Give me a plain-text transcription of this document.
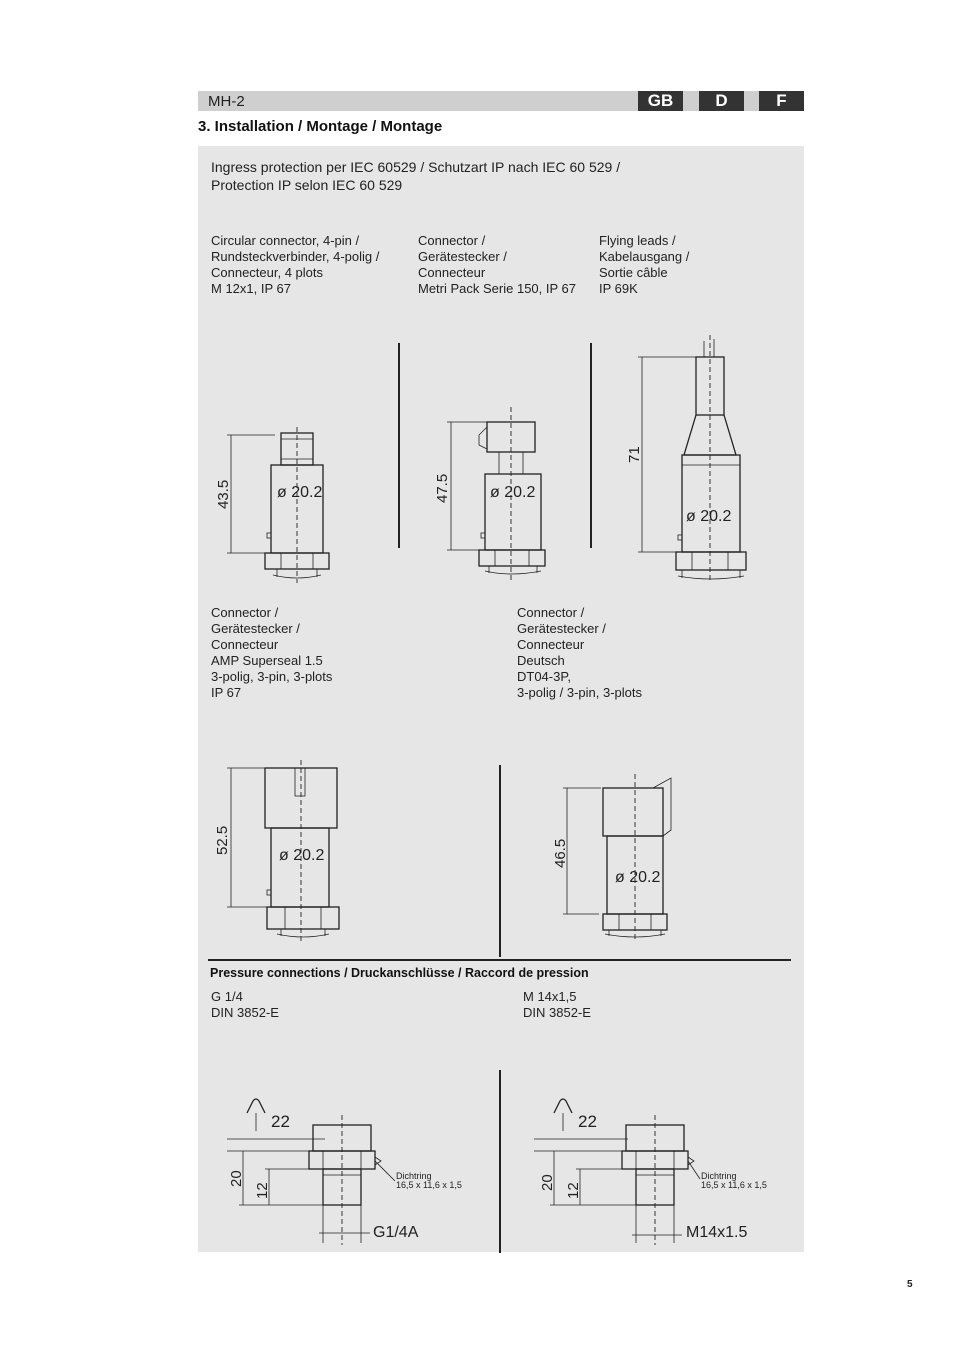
MH-2	GB	D	F
3. Installation / Montage / Montage
Ingress protection per IEC 60529 / Schutzart IP nach IEC 60 529 /
Protection IP selon IEC 60 529
Circular connector, 4-pin /
Rundsteckverbinder, 4-polig /
Connecteur, 4 plots
M 12x1, IP 67
Connector /
Gerätestecker /
Connecteur
Metri Pack Serie 150, IP 67
Flying leads /
Kabelausgang /
Sortie câble
IP 69K
ø 20.2
43.5	ø 20.2
47.5
ø 20.2
71
Connector /
Gerätestecker /
Connecteur
AMP Superseal 1.5
3-polig, 3-pin, 3-plots
IP 67
Connector /
Gerätestecker /
Connecteur
Deutsch
DT04-3P,
3-polig / 3-pin, 3-plots
ø 20.2
52.5
ø 20.2
46.5
Pressure connections / Druckanschlüsse / Raccord de pression
G 1/4
DIN 3852-E
M 14x1,5
DIN 3852-E
22
20
12
G1/4A
Dichtring
16,5 x 11,6 x 1,5
22
20 12
M14x1.5
Dichtring
16,5 x 11,6 x 1,5
5
